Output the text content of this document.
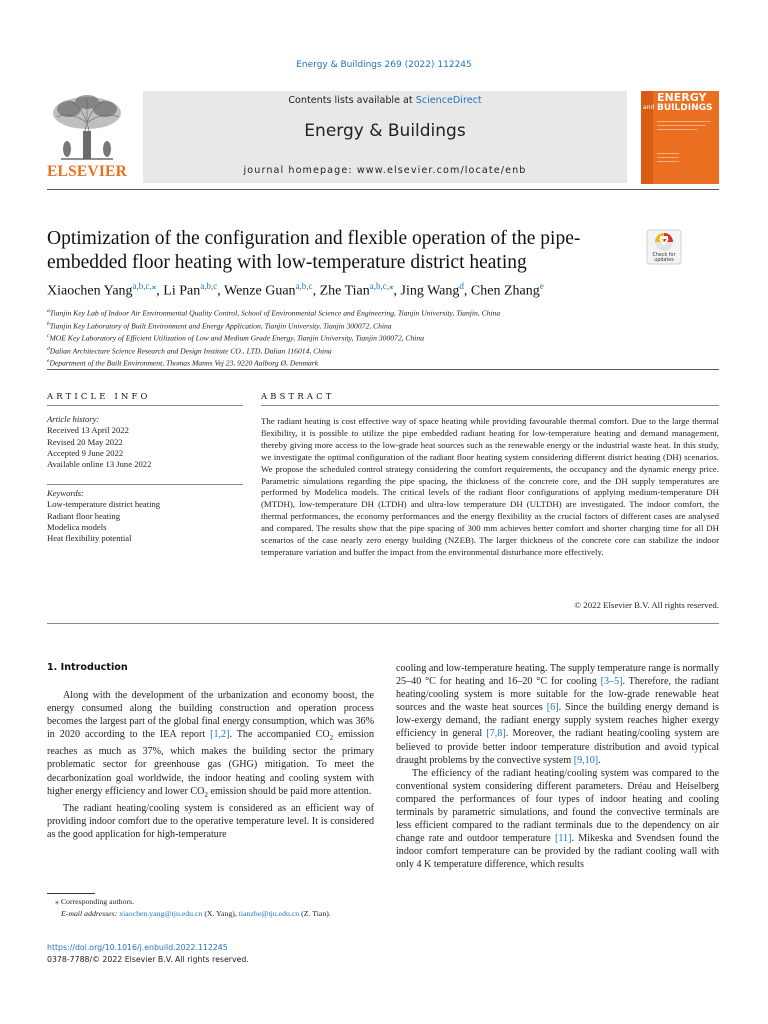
Energy & Buildings 269 (2022) 112245
ELSEVIER
Contents lists available at ScienceDirect
Energy & Buildings
journal homepage: www.elsevier.com/locate/enb
ENERGY
BUILDINGS
and
Optimization of the configuration and flexible operation of the pipe-embedded floor heating with low-temperature district heating	Check for updates
Xiaochen Yang$^{a,b,c,⁎}$, Li Pan$^{a,b,c}$, Wenze Guan$^{a,b,c}$, Zhe Tian$^{a,b,c,⁎}$, Jing Wang$^d$, Chen Zhang$^e$
$^a$Tianjin Key Lab of Indoor Air Environmental Quality Control, School of Environmental Science and Engineering, Tianjin University, Tianjin, China
$^b$Tianjin Key Laboratory of Built Environment and Energy Application, Tianjin University, Tianjin 300072, China
$^c$MOE Key Laboratory of Efficient Utilization of Low and Medium Grade Energy, Tianjin University, Tianjin 300072, China
$^d$Dalian Architecture Science Research and Design Institute CO., LTD, Dalian 116014, China
$^e$Department of the Built Environment, Thomas Manns Vej 23, 9220 Aalborg Ø, Denmark
ARTICLE INFO	ABSTRACT
Article history:
Received 13 April 2022
Revised 20 May 2022
Accepted 9 June 2022
Available online 13 June 2022
Keywords:
Low-temperature district heating
Radiant floor heating
Modelica models
Heat flexibility potential
The radiant heating is cost effective way of space heating while providing favourable thermal comfort. Due to the large thermal flexibility, it is possible to utilize the pipe embedded radiant heating for low-temperature heating and demand management, thereby giving more access to the low-grade heat sources such as the renewable energy or the industrial waste heat. In this study, we investigate the optimal configuration of the radiant floor heating system considering different district heating (DH) scenarios. We propose the scheduled control strategy considering the comfort requirements, the occupancy and the dynamic energy price. Parametric simulations regarding the pipe spacing, the thickness of the concrete core, and the DH supply temperatures are performed by Modelica models. The critical levels of the radiant floor configurations of applying medium-temperature DH (MTDH), low-temperature DH (LTDH) and ultra-low temperature DH (ULTDH) are investigated. The indoor comfort, the thermal performances, the economy performances and the energy flexibility as the crucial factors of different cases are analysed and compared. The results show that the pipe spacing of 300 mm achieves better comfort and shorter charging time for all DH scenarios of the case nearly zero energy building (NZEB). The larger thickness of the concrete core can stabilize the indoor temperature variation and buffer the impact from the environmental disturbance more effectively.
© 2022 Elsevier B.V. All rights reserved.
1. Introduction

Along with the development of the urbanization and economy boost, the energy consumed along the building construction and operation process becomes the largest part of the global final energy consumption, which was 36% in 2020 according to the IEA report [1,2]. The accompanied $CO_2$ emission reaches as much as 37%, which makes the building sector the primary problematic sector for greenhouse gas (GHG) mitigation. To meet the decarbonization goal worldwide, the indoor heating and cooling system with higher energy efficiency and lower $CO_2$ emission should be paid more attention.

The radiant heating/cooling system is considered as an efficient way of providing indoor comfort due to the operative temperature level. It is considered as the good application for high-temperature

⁎ Corresponding authors.
E-mail addresses: xiaochen.yang@tju.edu.cn (X. Yang), tianzhe@tju.edu.cn (Z. Tian).
https://doi.org/10.1016/j.enbuild.2022.112245
0378-7788/© 2022 Elsevier B.V. All rights reserved.

cooling and low-temperature heating. The supply temperature range is normally 25–40 °C for heating and 16–20 °C for cooling [3–5]. Therefore, the radiant heating/cooling system is more suitable for the low-grade renewable heat sources and the waste heat sources [6]. Since the building energy demand is low-exergy demand, the radiant energy supply system reaches higher exergy efficiency in general [7,8]. Moreover, the radiant heating/cooling system are believed to provide better indoor temperature distribution and avoid typical draught problems by the convective system [9,10].

The efficiency of the radiant heating/cooling system was compared to the conventional system considering different parameters. Dréau and Heiselberg compared the performances of four types of indoor heating and cooling terminals by parametric simulations, and found the convective terminals are less efficient compared to the radiant terminals due to the dependency on air change rate and outdoor temperature [11]. Mikeska and Svendsen found the indoor comfort temperature can be provided by the radiant cooling wall with only 4 K temperature difference, which results
